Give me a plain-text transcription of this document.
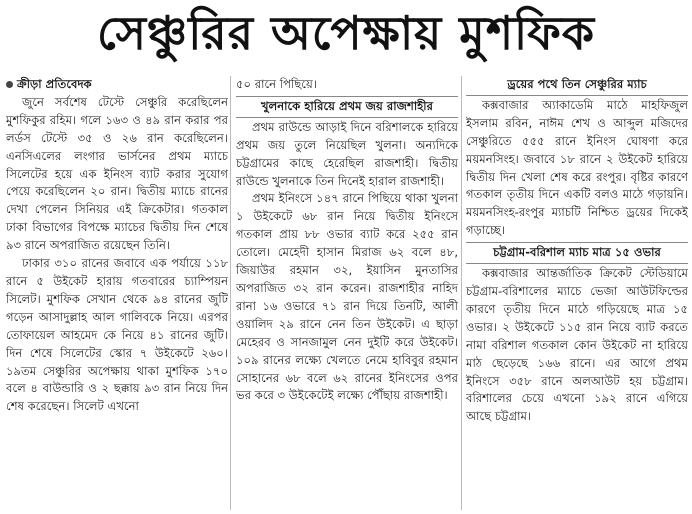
সেঞ্চুরির অপেক্ষায় মুশফিক
ক্রীড়া প্রতিবেদক

জুনে সর্বশেষ টেস্টে সেঞ্চুরি করেছিলেন মুশফিকুর রহিম। গলে ১৬৩ ও ৪৯ রান করার পর লর্ডস টেস্টে ৩৫ ও ২৬ রান করেছিলেন। এনসিএলের লংগার ভার্সনের প্রথম ম্যাচে সিলেটের হয়ে এক ইনিংস ব্যাট করার সুযোগ পেয়ে করেছিলেন ২০ রান। দ্বিতীয় ম্যাচে রানের দেখা পেলেন সিনিয়র এই ক্রিকেটার। গতকাল ঢাকা বিভাগের বিপক্ষে ম্যাচের দ্বিতীয় দিন শেষে ৯৩ রানে অপরাজিত রয়েছেন তিনি।

ঢাকার ৩১০ রানের জবাবে এক পর্যায়ে ১১৮ রানে ৫ উইকেট হারায় গতবারের চ্যাম্পিয়ন সিলেট। মুশফিক সেখান থেকে ৯৪ রানের জুটি গড়েন আসাদুল্লাহ আল গালিবকে নিয়ে। এরপর তোফায়েল আহমেদ কে নিয়ে ৪১ রানের জুটি। দিন শেষে সিলেটের স্কোর ৭ উইকেটে ২৬০। ১৯তম সেঞ্চুরির অপেক্ষায় থাকা মুশফিক ১৭০ বলে ৪ বাউন্ডারি ও ২ ছক্কায় ৯৩ রান নিয়ে দিন শেষ করেছেন। সিলেট এখনো

৫০ রানে পিছিয়ে।
খুলনাকে হারিয়ে প্রথম জয় রাজশাহীর

প্রথম রাউন্ডে আড়াই দিনে বরিশালকে হারিয়ে প্রথম জয় তুলে নিয়েছিল খুলনা। অন্যদিকে চট্টগ্রামের কাছে হেরেছিল রাজশাহী। দ্বিতীয় রাউন্ডে খুলনাকে তিন দিনেই হারাল রাজশাহী।

প্রথম ইনিংসে ১৪৭ রানে পিছিয়ে থাকা খুলনা ১ উইকেটে ৬৮ রান নিয়ে দ্বিতীয় ইনিংসে গতকাল প্রায় ৮৮ ওভার ব্যাট করে ২৫৫ রান তোলে। মেহেদী হাসান মিরাজ ৬২ বলে ৪৮, জিয়াউর রহমান ৩২, ইয়াসিন মুনতাসির অপরাজিত ৩২ রান করেন। রাজশাহীর নাহিদ রানা ১৬ ওভারে ৭১ রান দিয়ে তিনটি, আলী ওয়ালিদ ২৯ রানে নেন তিন উইকেট। এ ছাড়া মেহেরব ও সানজামুল নেন দুইটি করে উইকেট। ১০৯ রানের লক্ষ্যে খেলতে নেমে হাবিবুর রহমান সোহানের ৬৮ বলে ৬২ রানের ইনিংসের ওপর ভর করে ৩ উইকেটেই লক্ষ্যে পৌঁছায় রাজশাহী।

ড্রয়ের পথে তিন সেঞ্চুরির ম্যাচ

কক্সবাজার অ্যাকাডেমি মাঠে মাহফিজুল ইসলাম রবিন, নাঈম শেখ ও আব্দুল মজিদের সেঞ্চুরিতে ৫৫৫ রানে ইনিংস ঘোষণা করে ময়মনসিংহ। জবাবে ১৮ রানে ২ উইকেট হারিয়ে দ্বিতীয় দিন খেলা শেষ করে রংপুর। বৃষ্টির কারণে গতকাল তৃতীয় দিনে একটি বলও মাঠে গড়ায়নি। ময়মনসিংহ-রংপুর ম্যাচটি নিশ্চিত ড্রয়ের দিকেই গড়াচ্ছে।

চট্টগ্রাম-বরিশাল ম্যাচ মাত্র ১৫ ওভার

কক্সবাজার আন্তর্জাতিক ক্রিকেট স্টেডিয়ামে চট্টগ্রাম-বরিশালের ম্যাচে ভেজা আউটফিল্ডের কারণে তৃতীয় দিনে মাঠে গড়িয়েছে মাত্র ১৫ ওভার। ২ উইকেটে ১১৫ রান নিয়ে ব্যাট করতে নামা বরিশাল গতকাল কোন উইকেট না হারিয়ে মাঠ ছেড়েছে ১৬৬ রানে। এর আগে প্রথম ইনিংসে ৩৫৮ রানে অলআউট হয় চট্টগ্রাম। বরিশালের চেয়ে এখনো ১৯২ রানে এগিয়ে আছে চট্টগ্রাম।
